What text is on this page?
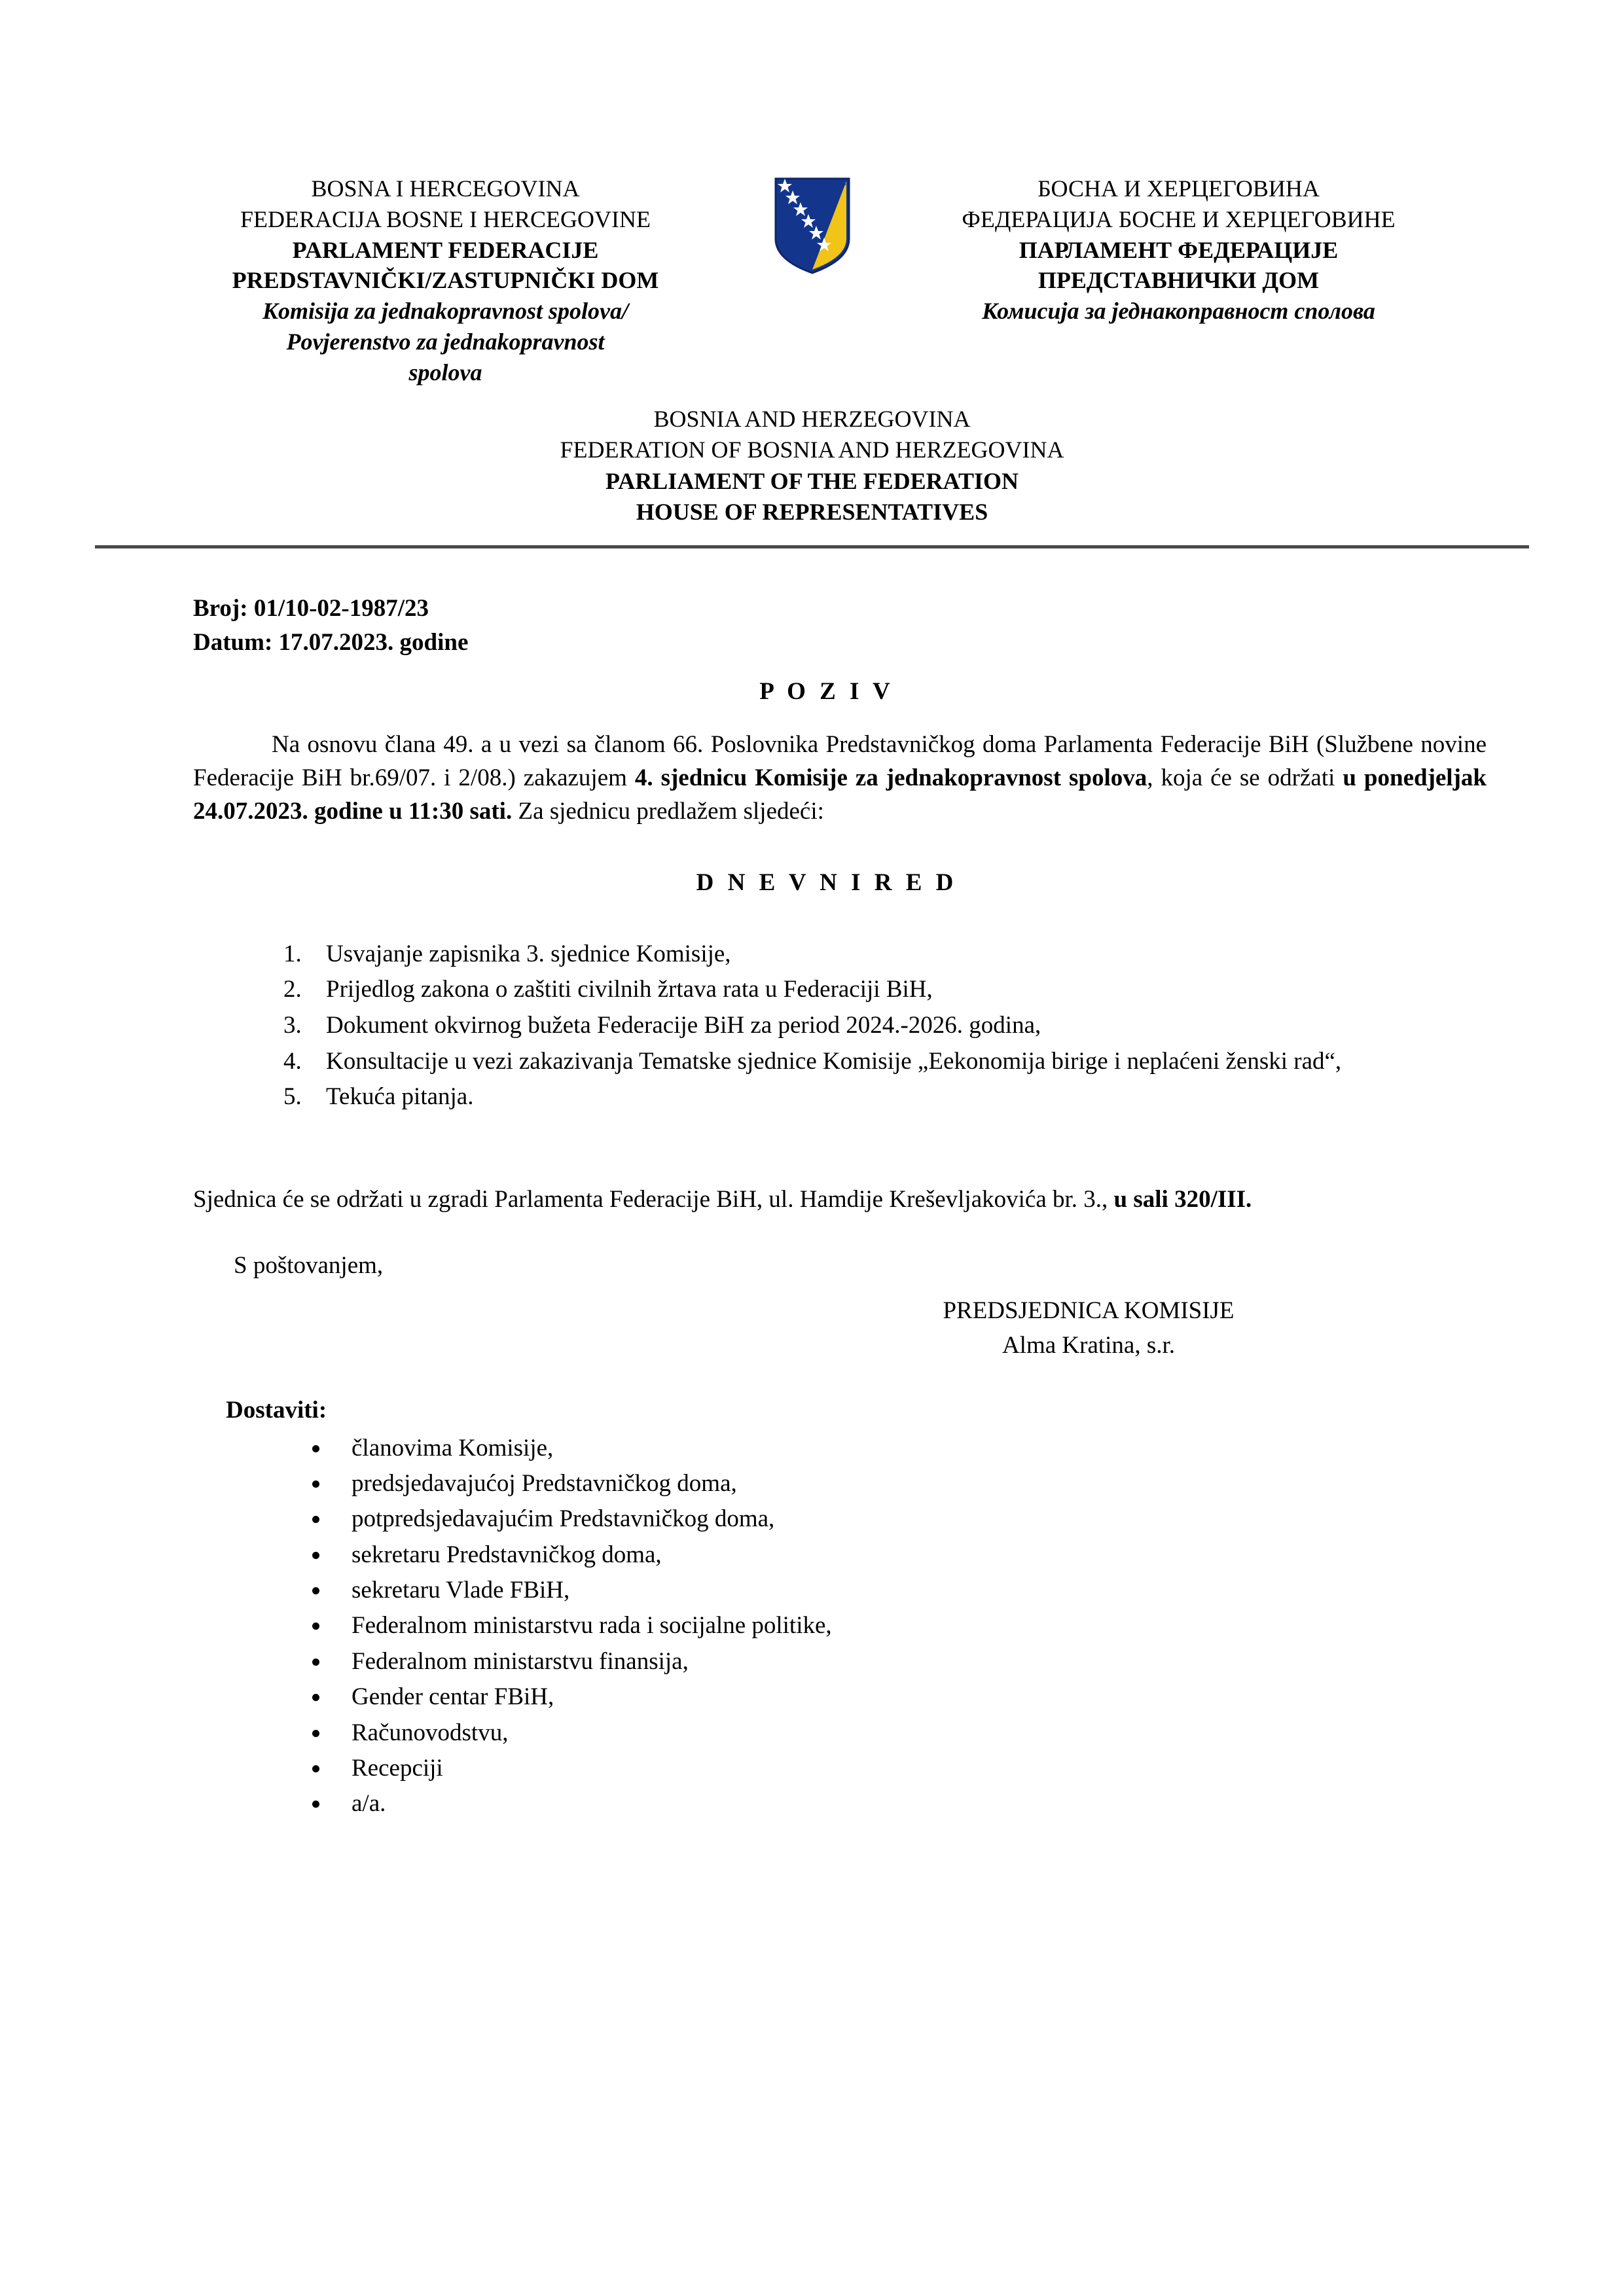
BOSNA I HERCEGOVINA
FEDERACIJA BOSNE I HERCEGOVINE
PARLAMENT FEDERACIJE
PREDSTAVNIČKI/ZASTUPNIČKI DOM
Komisija za jednakopravnost spolova/
Povjerenstvo za jednakopravnost
spolova
БОСНА И ХЕРЦЕГОВИНА
ФЕДЕРАЦИЈА БОСНЕ И ХЕРЦЕГОВИНЕ
ПАРЛАМЕНТ ФЕДЕРАЦИЈЕ
ПРЕДСТАВНИЧКИ ДОМ
Комисија за једнакоправност сполова
BOSNIA AND HERZEGOVINA
FEDERATION OF BOSNIA AND HERZEGOVINA
PARLIAMENT OF THE FEDERATION
HOUSE OF REPRESENTATIVES
Broj: 01/10-02-1987/23
Datum: 17.07.2023. godine
P O Z I V
Na osnovu člana 49. a u vezi sa članom 66. Poslovnika Predstavničkog doma Parlamenta Federacije BiH (Službene novine Federacije BiH br.69/07. i 2/08.) zakazujem 4. sjednicu Komisije za jednakopravnost spolova, koja će se održati u ponedjeljak 24.07.2023. godine u 11:30 sati. Za sjednicu predlažem sljedeći:
D N E V N I R E D
1. Usvajanje zapisnika 3. sjednice Komisije,
2. Prijedlog zakona o zaštiti civilnih žrtava rata u Federaciji BiH,
3. Dokument okvirnog bužeta Federacije BiH za period 2024.-2026. godina,
4. Konsultacije u vezi zakazivanja Tematske sjednice Komisije „Eekonomija birige i neplaćeni ženski rad“,
5. Tekuća pitanja.
Sjednica će se održati u zgradi Parlamenta Federacije BiH, ul. Hamdije Kreševljakovića br. 3., u sali 320/III.
S poštovanjem,
PREDSJEDNICA KOMISIJE
Alma Kratina, s.r.
Dostaviti:
• članovima Komisije,
• predsjedavajućoj Predstavničkog doma,
• potpredsjedavajućim Predstavničkog doma,
• sekretaru Predstavničkog doma,
• sekretaru Vlade FBiH,
• Federalnom ministarstvu rada i socijalne politike,
• Federalnom ministarstvu finansija,
• Gender centar FBiH,
• Računovodstvu,
• Recepciji
• a/a.
